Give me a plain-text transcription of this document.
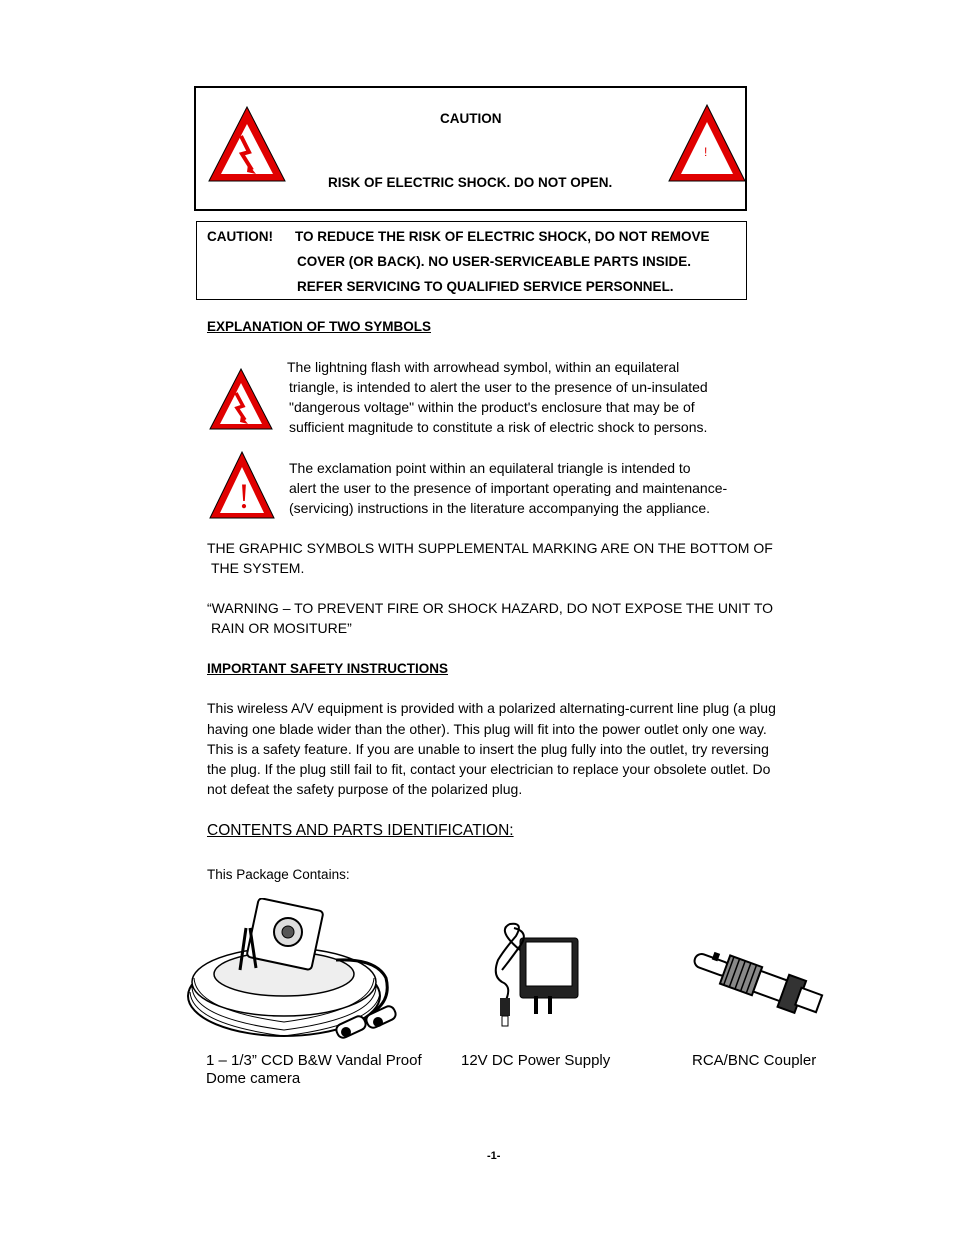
CAUTION
RISK OF ELECTRIC SHOCK. DO NOT OPEN.
!
CAUTION! TO REDUCE THE RISK OF ELECTRIC SHOCK, DO NOT REMOVE
COVER (OR BACK). NO USER-SERVICEABLE PARTS INSIDE.
REFER SERVICING TO QUALIFIED SERVICE PERSONNEL.
EXPLANATION OF TWO SYMBOLS
The lightning flash with arrowhead symbol, within an equilateral
triangle, is intended to alert the user to the presence of un-insulated
"dangerous voltage" within the product's enclosure that may be of
sufficient magnitude to constitute a risk of electric shock to persons.
!
The exclamation point within an equilateral triangle is intended to
alert the user to the presence of important operating and maintenance-
(servicing) instructions in the literature accompanying the appliance.
THE GRAPHIC SYMBOLS WITH SUPPLEMENTAL MARKING ARE ON THE BOTTOM OF
THE SYSTEM.
“WARNING – TO PREVENT FIRE OR SHOCK HAZARD, DO NOT EXPOSE THE UNIT TO
RAIN OR MOSITURE”
IMPORTANT SAFETY INSTRUCTIONS
This wireless A/V equipment is provided with a polarized alternating-current line plug (a plug
having one blade wider than the other). This plug will fit into the power outlet only one way.
This is a safety feature. If you are unable to insert the plug fully into the outlet, try reversing
the plug. If the plug still fail to fit, contact your electrician to replace your obsolete outlet. Do
not defeat the safety purpose of the polarized plug.
CONTENTS AND PARTS IDENTIFICATION:
This Package Contains:
1 – 1/3” CCD B&W Vandal Proof
Dome camera
12V DC Power Supply	RCA/BNC Coupler
-1-
